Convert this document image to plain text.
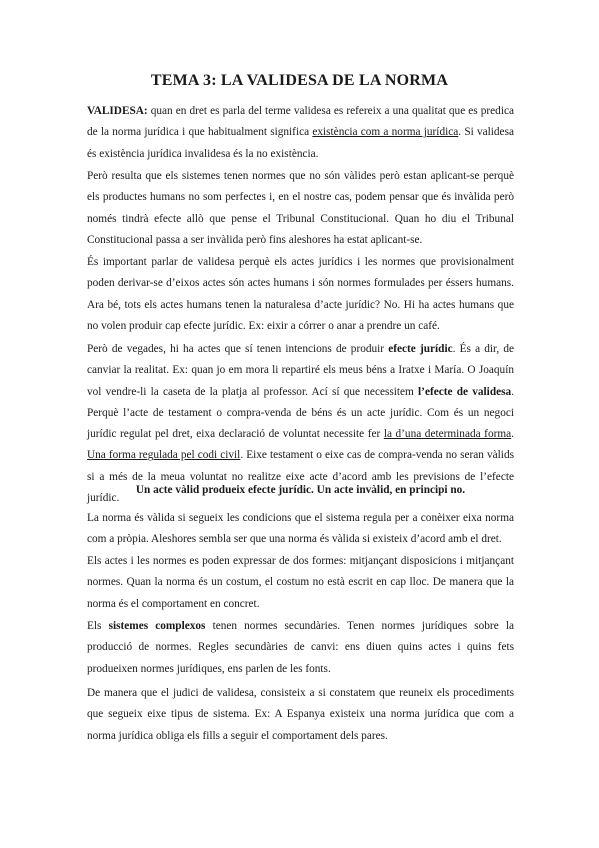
TEMA 3: LA VALIDESA DE LA NORMA

VALIDESA: quan en dret es parla del terme validesa es refereix a una qualitat que es predica de la norma jurídica i que habitualment significa existència com a norma jurídica. Si validesa és existència jurídica invalidesa és la no existència.

Però resulta que els sistemes tenen normes que no són vàlides però estan aplicant-se perquè els productes humans no som perfectes i, en el nostre cas, podem pensar que és invàlida però només tindrà efecte allò que pense el Tribunal Constitucional. Quan ho diu el Tribunal Constitucional passa a ser invàlida però fins aleshores ha estat aplicant-se.

És important parlar de validesa perquè els actes jurídics i les normes que provisionalment poden derivar-se d’eixos actes són actes humans i són normes formulades per éssers humans. Ara bé, tots els actes humans tenen la naturalesa d’acte jurídic? No. Hi ha actes humans que no volen produir cap efecte jurídic. Ex: eixir a córrer o anar a prendre un café.

Però de vegades, hi ha actes que sí tenen intencions de produir efecte jurídic. És a dir, de canviar la realitat. Ex: quan jo em mora li repartiré els meus béns a Iratxe i María. O Joaquín vol vendre-li la caseta de la platja al professor. Ací sí que necessitem l’efecte de validesa. Perquè l’acte de testament o compra-venda de béns és un acte jurídic. Com és un negoci jurídic regulat pel dret, eixa declaració de voluntat necessite fer la d’una determinada forma. Una forma regulada pel codi civil. Eixe testament o eixe cas de compra-venda no seran vàlids si a més de la meua voluntat no realitze eixe acte d’acord amb les previsions de l’efecte jurídic.

Un acte vàlid produeix efecte jurídic. Un acte invàlid, en principi no.

La norma és vàlida si segueix les condicions que el sistema regula per a conèixer eixa norma com a pròpia. Aleshores sembla ser que una norma és vàlida si existeix d’acord amb el dret.

Els actes i les normes es poden expressar de dos formes: mitjançant disposicions i mitjançant normes. Quan la norma és un costum, el costum no està escrit en cap lloc. De manera que la norma és el comportament en concret.

Els sistemes complexos tenen normes secundàries. Tenen normes jurídiques sobre la producció de normes. Regles secundàries de canvi: ens diuen quins actes i quins fets produeixen normes jurídiques, ens parlen de les fonts.

De manera que el judici de validesa, consisteix a si constatem que reuneix els procediments que segueix eixe tipus de sistema. Ex: A Espanya existeix una norma jurídica que com a norma jurídica obliga els fills a seguir el comportament dels pares.
